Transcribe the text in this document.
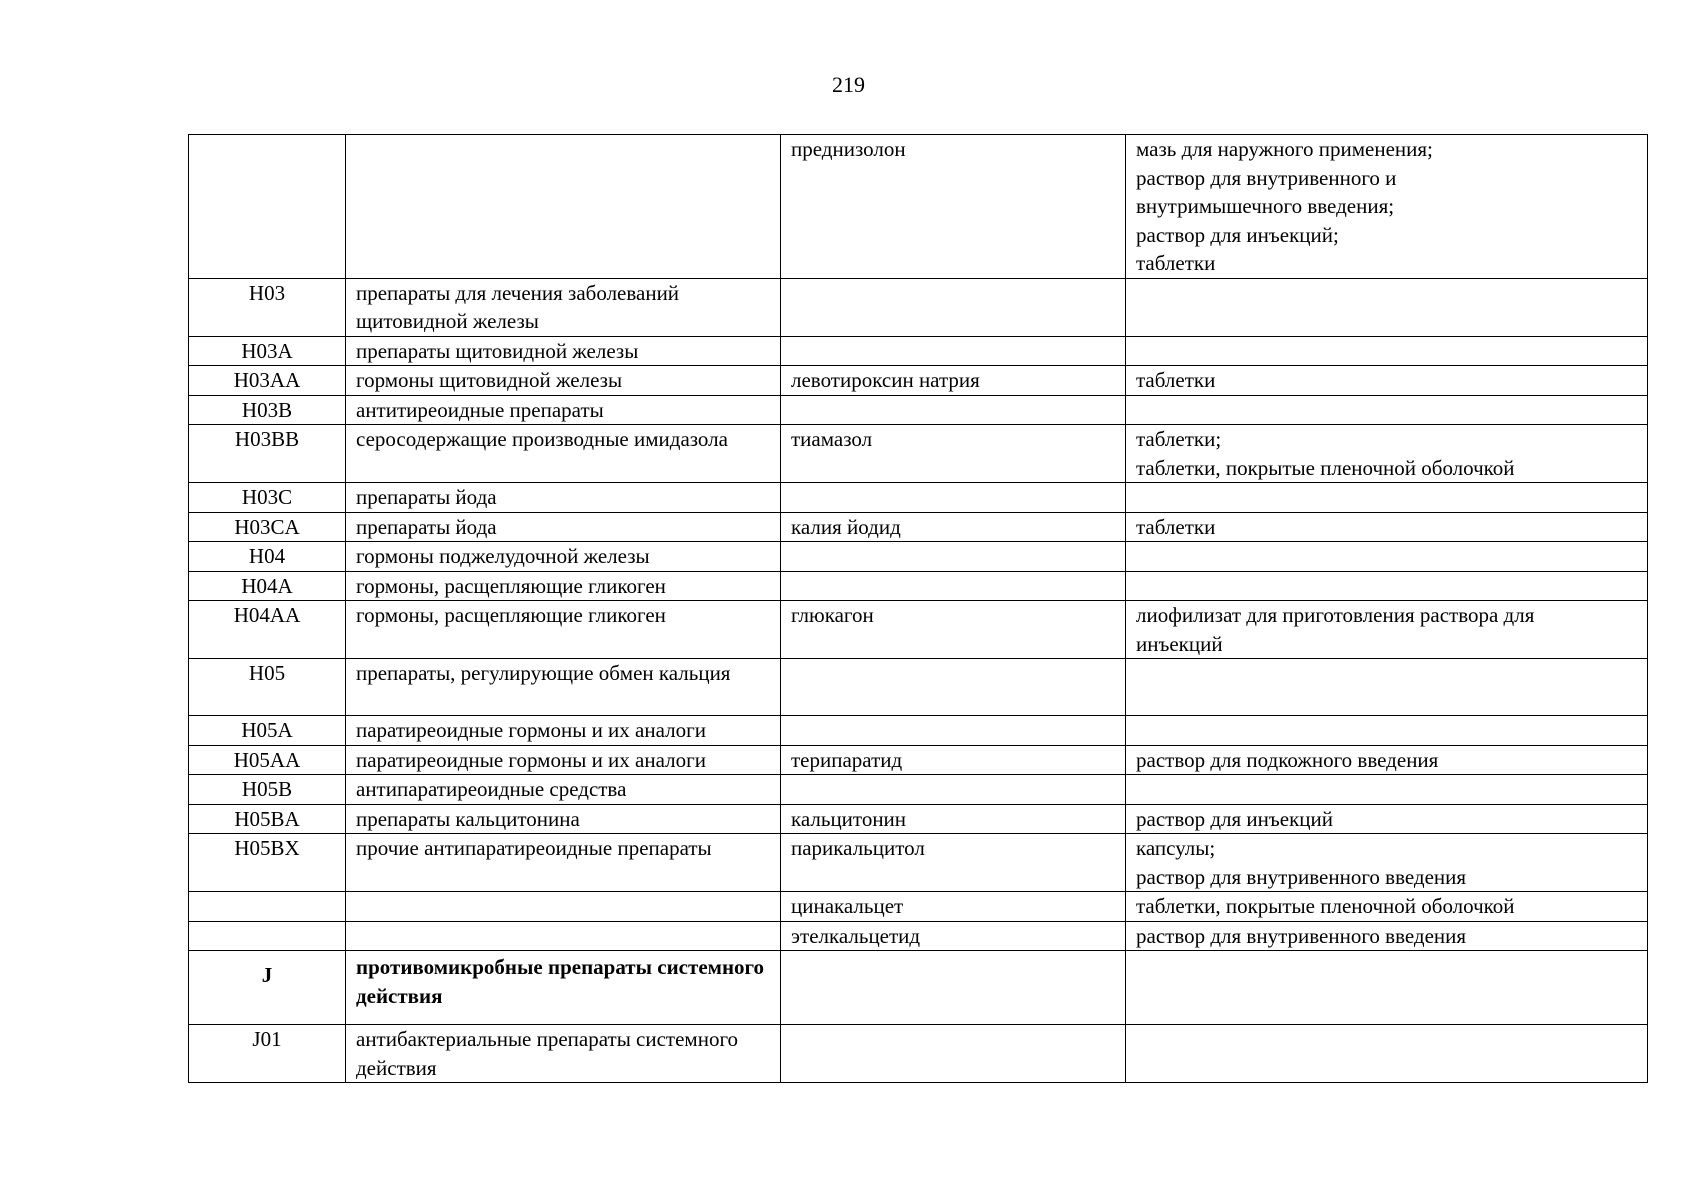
219
		преднизолон	мазь для наружного применения;
раствор для внутривенного и
внутримышечного введения;
раствор для инъекций;
таблетки

H03	препараты для лечения заболеваний щитовидной железы		
H03A	препараты щитовидной железы		
H03AA	гормоны щитовидной железы	левотироксин натрия	таблетки

H03B	антитиреоидные препараты		
H03BB	серосодержащие производные имидазола	тиамазол	таблетки;
таблетки, покрытые пленочной оболочкой

H03C	препараты йода		
H03CA	препараты йода	калия йодид	таблетки

H04	гормоны поджелудочной железы		
H04A	гормоны, расщепляющие гликоген		
H04AA	гормоны, расщепляющие гликоген	глюкагон	лиофилизат для приготовления раствора для
инъекций

H05	препараты, регулирующие обмен кальция		
H05A	паратиреоидные гормоны и их аналоги		
H05AA	паратиреоидные гормоны и их аналоги	терипаратид	раствор для подкожного введения

H05B	антипаратиреоидные средства		
H05BA	препараты кальцитонина	кальцитонин	раствор для инъекций

H05BX	прочие антипаратиреоидные препараты	парикальцитол	капсулы;
раствор для внутривенного введения

		цинакальцет	таблетки, покрытые пленочной оболочкой

		этелкальцетид	раствор для внутривенного введения

J	противомикробные препараты системного действия		
J01	антибактериальные препараты системного действия		
